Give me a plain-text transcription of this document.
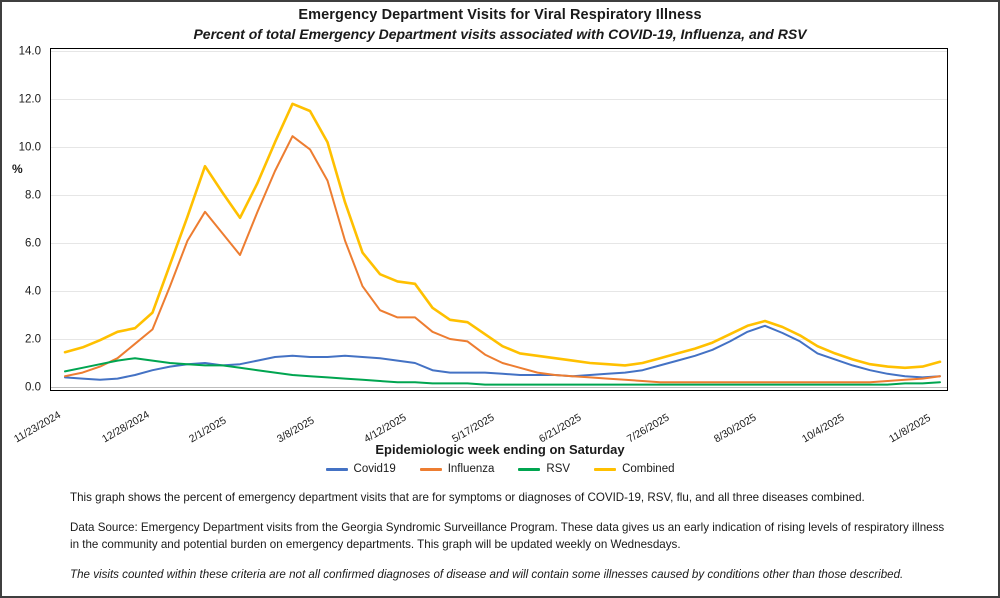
Emergency Department Visits for Viral Respiratory Illness
Percent of total Emergency Department visits associated with COVID-19, Influenza, and RSV
%
0.0
2.0
4.0
6.0
8.0
10.0
12.0
14.0
11/23/2024	12/28/2024	2/1/2025	3/8/2025	4/12/2025	5/17/2025	6/21/2025	7/26/2025	8/30/2025	10/4/2025	11/8/2025
Epidemiologic week ending on Saturday
Covid19	Influenza	RSV	Combined

This graph shows the percent of emergency department visits that are for symptoms or diagnoses of COVID-19, RSV, flu, and all three diseases combined.

Data Source: Emergency Department visits from the Georgia Syndromic Surveillance Program. These data gives us an early indication of rising levels of respiratory illness in the community and potential burden on emergency departments. This graph will be updated weekly on Wednesdays.

The visits counted within these criteria are not all confirmed diagnoses of disease and will contain some illnesses caused by conditions other than those described.
